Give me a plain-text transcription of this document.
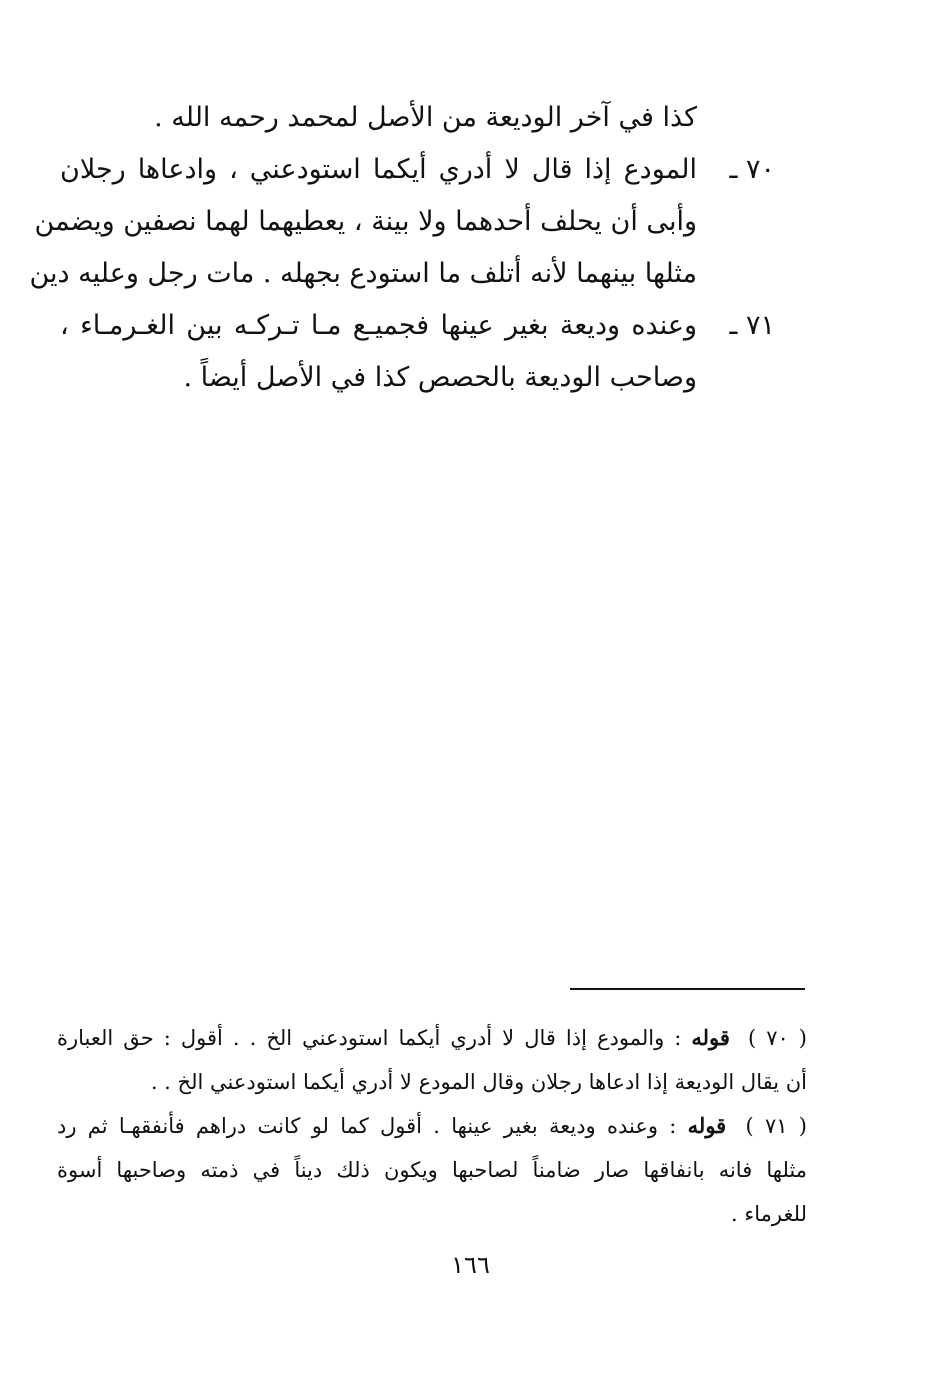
كذا في آخر الوديعة من الأصل لمحمد رحمه الله .
٧٠ ـ
المودع إذا قال لا أدري أيكما استودعني ، وادعاها رجلان
وأبى أن يحلف أحدهما ولا بينة ، يعطيهما لهما نصفين ويضمن
مثلها بينهما لأنه أتلف ما استودع بجهله . مات رجل وعليه دين
٧١ ـ
وعنده وديعة بغير عينها فجميـع مـا تـركـه بين الغـرمـاء ،
وصاحب الوديعة بالحصص كذا في الأصل أيضاً .
( ٧٠ ) قوله : والمودع إذا قال لا أدري أيكما استودعني الخ . . أقول : حق العبارة
أن يقال الوديعة إذا ادعاها رجلان وقال المودع لا أدري أيكما استودعني الخ . .
( ٧١ ) قوله : وعنده وديعة بغير عينها . أقول كما لو كانت دراهم فأنفقهـا ثم رد
مثلها فانه بانفاقها صار ضامناً لصاحبها ويكون ذلك ديناً في ذمته وصاحبها أسوة
للغرماء .
١٦٦
